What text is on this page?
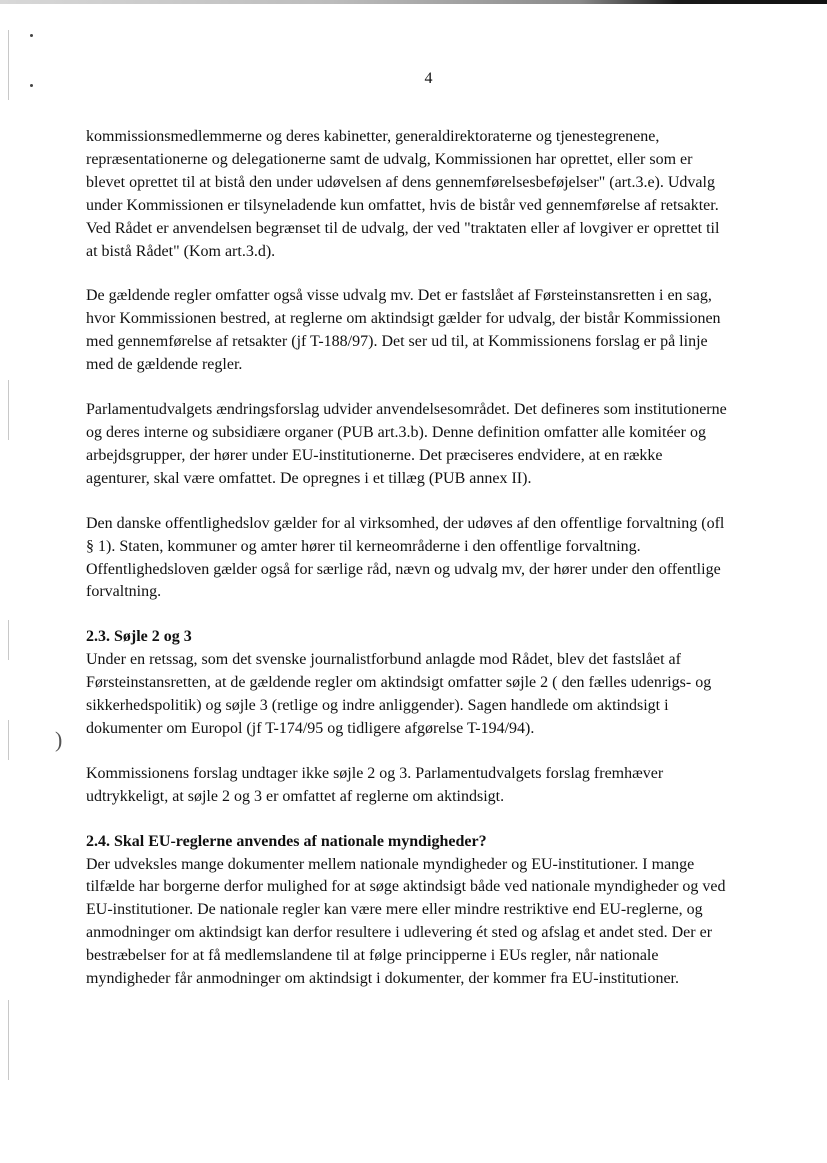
)
4

kommissionsmedlemmerne og deres kabinetter, generaldirektoraterne og tjenestegrenene,
repræsentationerne og delegationerne samt de udvalg, Kommissionen har oprettet, eller som er
blevet oprettet til at bistå den under udøvelsen af dens gennemførelsesbeføjelser" (art.3.e). Udvalg
under Kommissionen er tilsyneladende kun omfattet, hvis de bistår ved gennemførelse af retsakter.
Ved Rådet er anvendelsen begrænset til de udvalg, der ved "traktaten eller af lovgiver er oprettet til
at bistå Rådet" (Kom art.3.d).

De gældende regler omfatter også visse udvalg mv. Det er fastslået af Førsteinstansretten i en sag,
hvor Kommissionen bestred, at reglerne om aktindsigt gælder for udvalg, der bistår Kommissionen
med gennemførelse af retsakter (jf T-188/97). Det ser ud til, at Kommissionens forslag er på linje
med de gældende regler.

Parlamentudvalgets ændringsforslag udvider anvendelsesområdet. Det defineres som institutionerne
og deres interne og subsidiære organer (PUB art.3.b). Denne definition omfatter alle komitéer og
arbejdsgrupper, der hører under EU-institutionerne. Det præciseres endvidere, at en række
agenturer, skal være omfattet. De opregnes i et tillæg (PUB annex II).

Den danske offentlighedslov gælder for al virksomhed, der udøves af den offentlige forvaltning (ofl
§ 1). Staten, kommuner og amter hører til kerneområderne i den offentlige forvaltning.
Offentlighedsloven gælder også for særlige råd, nævn og udvalg mv, der hører under den offentlige
forvaltning.

2.3. Søjle 2 og 3

Under en retssag, som det svenske journalistforbund anlagde mod Rådet, blev det fastslået af
Førsteinstansretten, at de gældende regler om aktindsigt omfatter søjle 2 ( den fælles udenrigs- og
sikkerhedspolitik) og søjle 3 (retlige og indre anliggender). Sagen handlede om aktindsigt i
dokumenter om Europol (jf T-174/95 og tidligere afgørelse T-194/94).

Kommissionens forslag undtager ikke søjle 2 og 3. Parlamentudvalgets forslag fremhæver
udtrykkeligt, at søjle 2 og 3 er omfattet af reglerne om aktindsigt.

2.4. Skal EU-reglerne anvendes af nationale myndigheder?

Der udveksles mange dokumenter mellem nationale myndigheder og EU-institutioner. I mange
tilfælde har borgerne derfor mulighed for at søge aktindsigt både ved nationale myndigheder og ved
EU-institutioner. De nationale regler kan være mere eller mindre restriktive end EU-reglerne, og
anmodninger om aktindsigt kan derfor resultere i udlevering ét sted og afslag et andet sted. Der er
bestræbelser for at få medlemslandene til at følge principperne i EUs regler, når nationale
myndigheder får anmodninger om aktindsigt i dokumenter, der kommer fra EU-institutioner.
